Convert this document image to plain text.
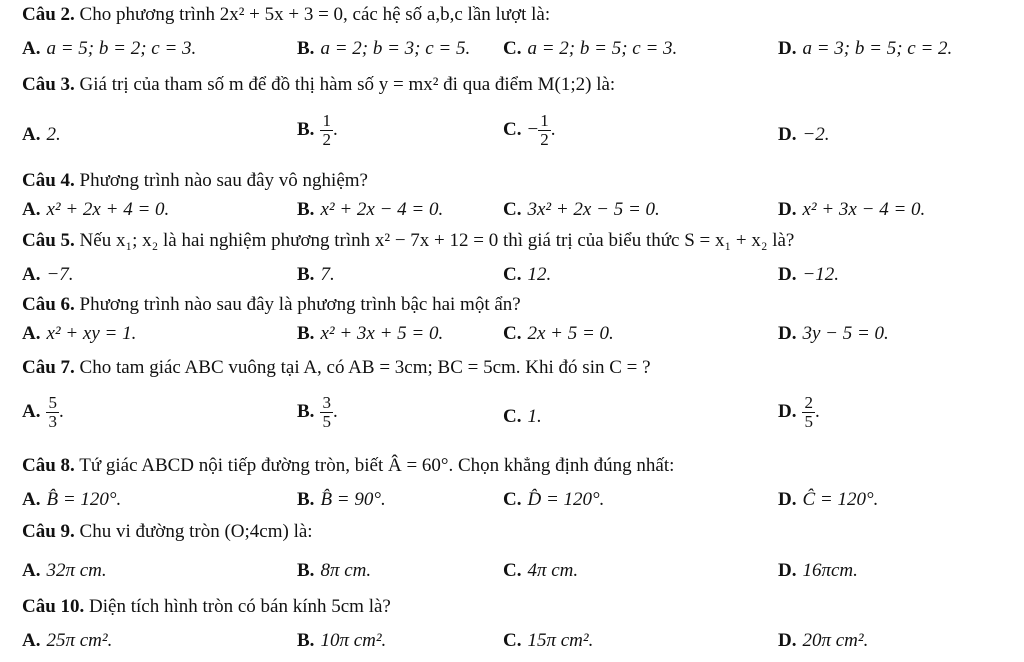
Câu 2. Cho phương trình 2x² + 5x + 3 = 0, các hệ số a,b,c lần lượt là:
A. a = 5; b = 2; c = 3.	B. a = 2; b = 3; c = 5. C. a = 2; b = 5; c = 3.	D. a = 3; b = 5; c = 2.
Câu 3. Giá trị của tham số m để đồ thị hàm số y = mx² đi qua điểm M(1;2) là:
A. 2.	B. $\frac{1}{2}$ .	C. − $\frac{1}{2}$ .	D. −2.
Câu 4. Phương trình nào sau đây vô nghiệm?
A. x² + 2x + 4 = 0.	B. x² + 2x − 4 = 0.	C. 3x² + 2x − 5 = 0.	D. x² + 3x − 4 = 0.
Câu 5. Nếu x₁; x₂ là hai nghiệm phương trình x² − 7x + 12 = 0 thì giá trị của biểu thức S = x₁ + x₂ là?
A. −7.	B. 7.	C. 12.	D. −12.
Câu 6. Phương trình nào sau đây là phương trình bậc hai một ẩn?
A. x² + xy = 1.	B. x² + 3x + 5 = 0.	C. 2x + 5 = 0.	D. 3y − 5 = 0.
Câu 7. Cho tam giác ABC vuông tại A, có AB = 3cm; BC = 5cm. Khi đó sin C = ?
A. $\frac{5}{3}$ .	B. $\frac{3}{5}$ .	C. 1.	D. $\frac{2}{5}$ .
Câu 8. Tứ giác ABCD nội tiếp đường tròn, biết Â = 60°. Chọn khẳng định đúng nhất:
A. B̂ = 120°.	B. B̂ = 90°.	C. D̂ = 120°.	D. Ĉ = 120°.
Câu 9. Chu vi đường tròn (O;4cm) là:
A. 32π cm.	B. 8π cm.	C. 4π cm.	D. 16πcm.
Câu 10. Diện tích hình tròn có bán kính 5cm là?
A. 25π cm².	B. 10π cm².	C. 15π cm².	D. 20π cm².
